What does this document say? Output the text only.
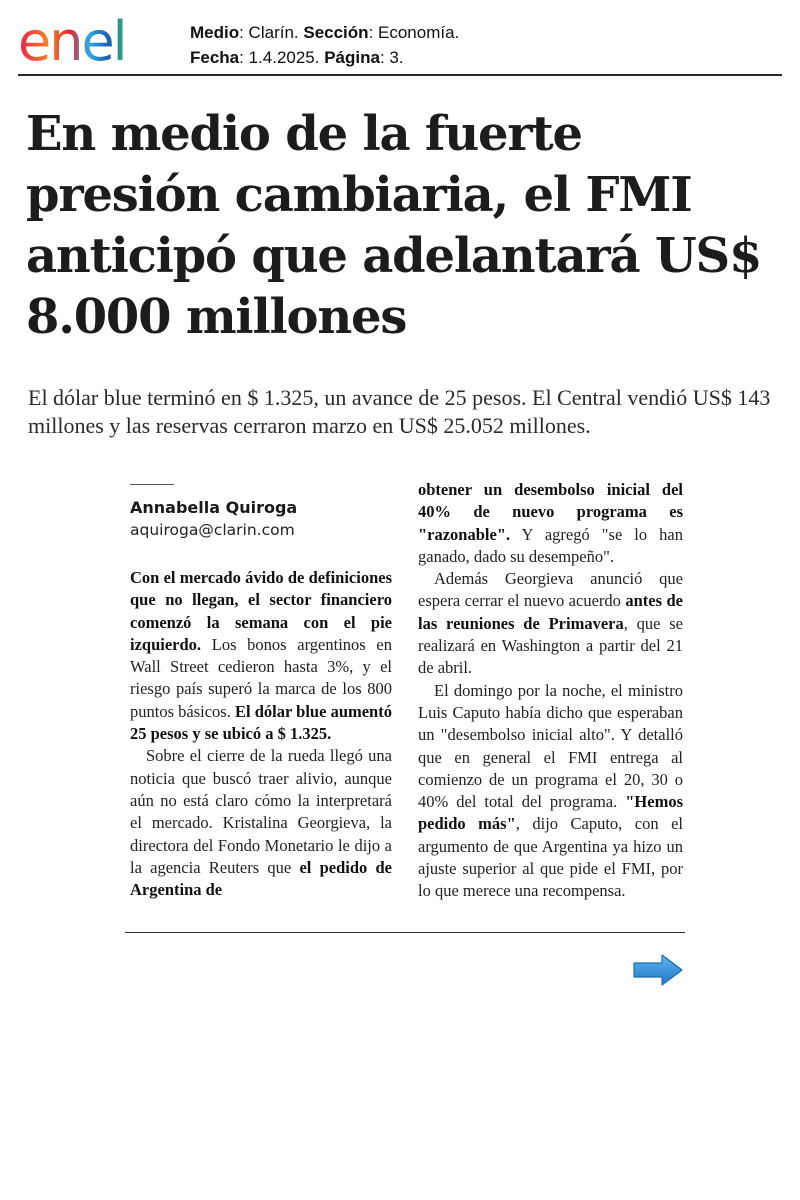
enel	Medio: Clarín. Sección: Economía.
Fecha: 1.4.2025. Página: 3.
En medio de la fuerte presión cambiaria, el FMI anticipó que adelantará US$ 8.000 millones

El dólar blue terminó en $ 1.325, un avance de 25 pesos. El Central vendió US$ 143 millones y las reservas cerraron marzo en US$ 25.052 millones.

Annabella Quiroga
aquiroga@clarin.com

Con el mercado ávido de definiciones que no llegan, el sector financiero comenzó la semana con el pie izquierdo. Los bonos argentinos en Wall Street cedieron hasta 3%, y el riesgo país superó la marca de los 800 puntos básicos. El dólar blue aumentó 25 pesos y se ubicó a $ 1.325.

Sobre el cierre de la rueda llegó una noticia que buscó traer alivio, aunque aún no está claro cómo la interpretará el mercado. Kristalina Georgieva, la directora del Fondo Monetario le dijo a la agencia Reuters que el pedido de Argentina de

obtener un desembolso inicial del 40% de nuevo programa es "razonable". Y agregó "se lo han ganado, dado su desempeño".

Además Georgieva anunció que espera cerrar el nuevo acuerdo antes de las reuniones de Primavera, que se realizará en Washington a partir del 21 de abril.

El domingo por la noche, el ministro Luis Caputo había dicho que esperaban un "desembolso inicial alto". Y detalló que en general el FMI entrega al comienzo de un programa el 20, 30 o 40% del total del programa. "Hemos pedido más", dijo Caputo, con el argumento de que Argentina ya hizo un ajuste superior al que pide el FMI, por lo que merece una recompensa.
